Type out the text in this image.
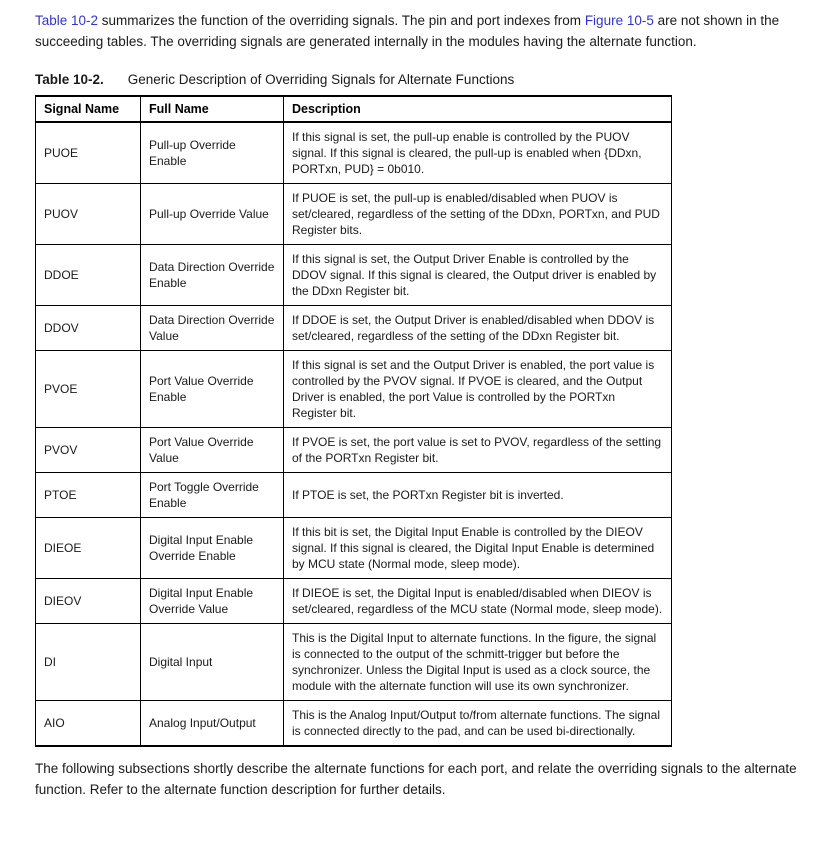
Table 10-2 summarizes the function of the overriding signals. The pin and port indexes from Figure 10-5 are not shown in the succeeding tables. The overriding signals are generated internally in the modules having the alternate function.

Table 10-2. Generic Description of Overriding Signals for Alternate Functions

Signal Name	Full Name	Description
PUOE	Pull-up Override Enable	If this signal is set, the pull-up enable is controlled by the PUOV signal. If this signal is cleared, the pull-up is enabled when {DDxn, PORTxn, PUD} = 0b010.
PUOV	Pull-up Override Value	If PUOE is set, the pull-up is enabled/disabled when PUOV is set/cleared, regardless of the setting of the DDxn, PORTxn, and PUD Register bits.
DDOE	Data Direction Override Enable	If this signal is set, the Output Driver Enable is controlled by the DDOV signal. If this signal is cleared, the Output driver is enabled by the DDxn Register bit.
DDOV	Data Direction Override Value	If DDOE is set, the Output Driver is enabled/disabled when DDOV is set/cleared, regardless of the setting of the DDxn Register bit.
PVOE	Port Value Override Enable	If this signal is set and the Output Driver is enabled, the port value is controlled by the PVOV signal. If PVOE is cleared, and the Output Driver is enabled, the port Value is controlled by the PORTxn Register bit.
PVOV	Port Value Override Value	If PVOE is set, the port value is set to PVOV, regardless of the setting of the PORTxn Register bit.
PTOE	Port Toggle Override Enable	If PTOE is set, the PORTxn Register bit is inverted.
DIEOE	Digital Input Enable Override Enable	If this bit is set, the Digital Input Enable is controlled by the DIEOV signal. If this signal is cleared, the Digital Input Enable is determined by MCU state (Normal mode, sleep mode).
DIEOV	Digital Input Enable Override Value	If DIEOE is set, the Digital Input is enabled/disabled when DIEOV is set/cleared, regardless of the MCU state (Normal mode, sleep mode).
DI	Digital Input	This is the Digital Input to alternate functions. In the figure, the signal is connected to the output of the schmitt-trigger but before the synchronizer. Unless the Digital Input is used as a clock source, the module with the alternate function will use its own synchronizer.
AIO	Analog Input/Output	This is the Analog Input/Output to/from alternate functions. The signal is connected directly to the pad, and can be used bi-directionally.

The following subsections shortly describe the alternate functions for each port, and relate the overriding signals to the alternate function. Refer to the alternate function description for further details.
